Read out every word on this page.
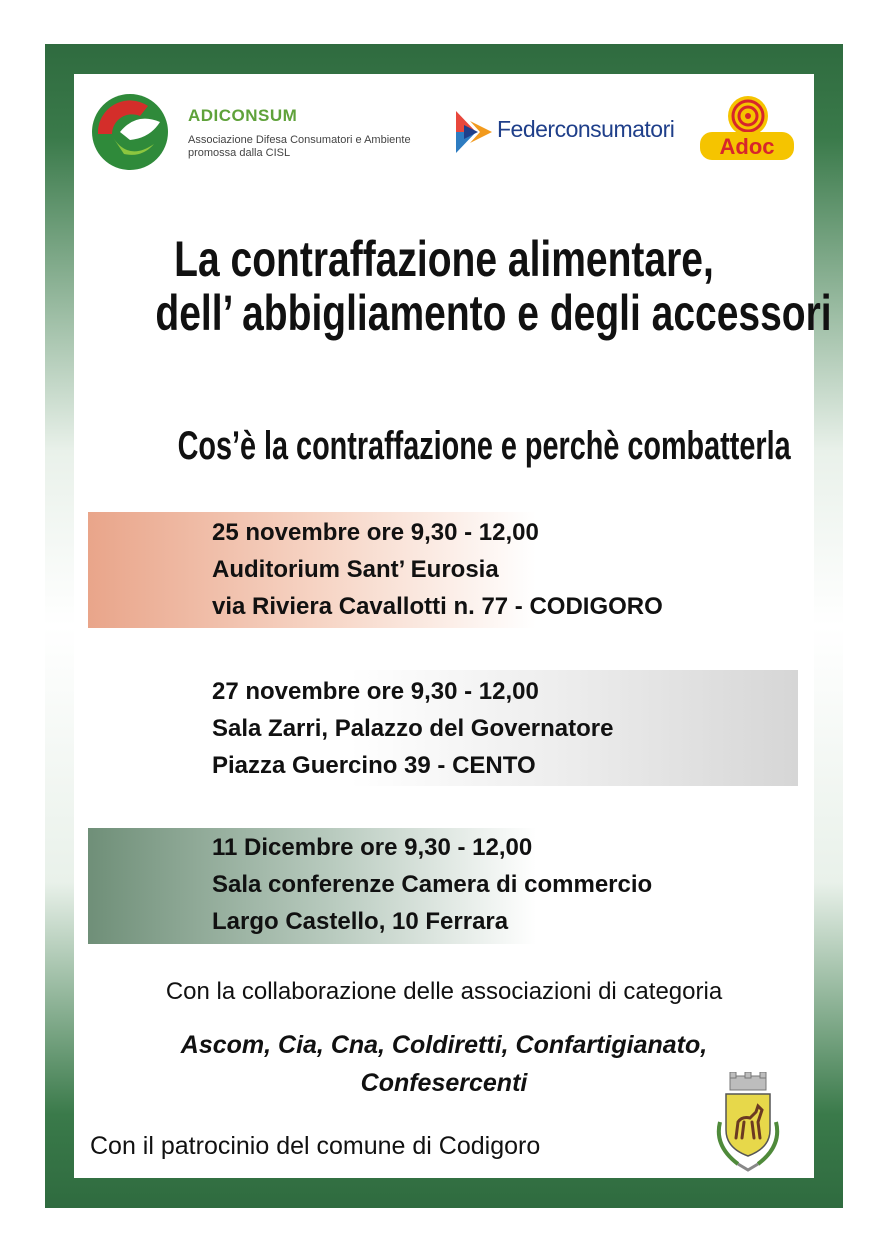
ADICONSUM
Associazione Difesa Consumatori e Ambiente
promossa dalla CISL
Federconsumatori
Adoc
La contraffazione alimentare,
dell’ abbigliamento e degli accessori
Cos’è la contraffazione e perchè combatterla
25 novembre ore 9,30 - 12,00
Auditorium Sant’ Eurosia
via Riviera Cavallotti n. 77 - CODIGORO
27 novembre ore 9,30 - 12,00
Sala Zarri, Palazzo del Governatore
Piazza Guercino 39 - CENTO
11 Dicembre ore 9,30 - 12,00
Sala conferenze Camera di commercio
Largo Castello, 10 Ferrara
Con la collaborazione delle associazioni di categoria
Ascom, Cia, Cna, Coldiretti, Confartigianato,
Confesercenti
Con il patrocinio del comune di Codigoro
